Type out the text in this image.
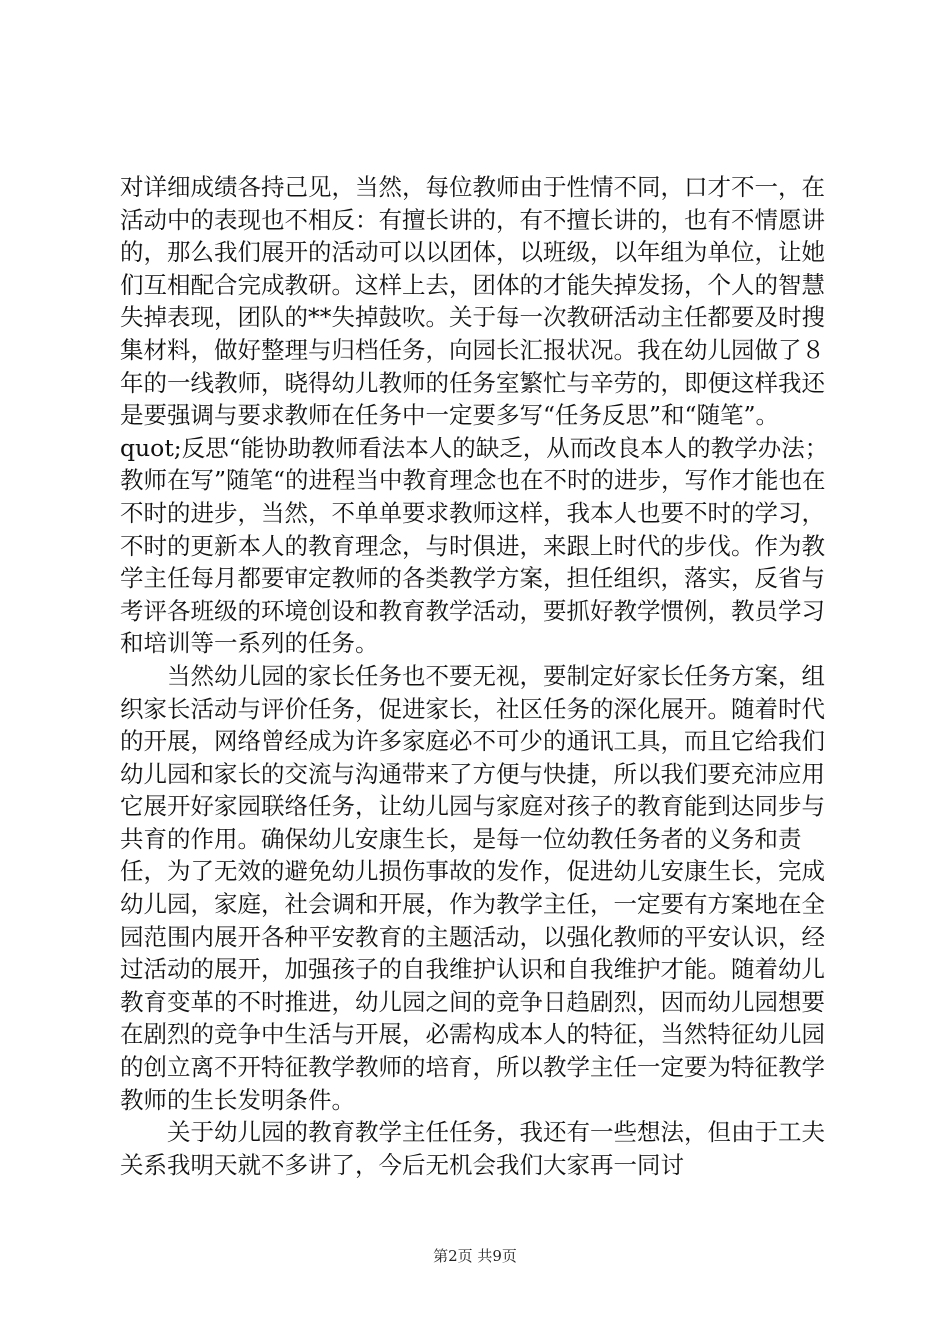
对详细成绩各持己见，当然，每位教师由于性情不同，口才不一，在活动中的表现也不相反：有擅长讲的，有不擅长讲的，也有不情愿讲的，那么我们展开的活动可以以团体，以班级，以年组为单位，让她们互相配合完成教研。这样上去，团体的才能失掉发扬，个人的智慧失掉表现，团队的**失掉鼓吹。关于每一次教研活动主任都要及时搜集材料，做好整理与归档任务，向园长汇报状况。我在幼儿园做了８年的一线教师，晓得幼儿教师的任务室繁忙与辛劳的，即便这样我还是要强调与要求教师在任务中一定要多写“任务反思”和“随笔”。quot;反思“能协助教师看法本人的缺乏，从而改良本人的教学办法；教师在写”随笔“的进程当中教育理念也在不时的进步，写作才能也在不时的进步，当然，不单单要求教师这样，我本人也要不时的学习，不时的更新本人的教育理念，与时俱进，来跟上时代的步伐。作为教学主任每月都要审定教师的各类教学方案，担任组织，落实，反省与考评各班级的环境创设和教育教学活动，要抓好教学惯例，教员学习和培训等一系列的任务。

当然幼儿园的家长任务也不要无视，要制定好家长任务方案，组织家长活动与评价任务，促进家长，社区任务的深化展开。随着时代的开展，网络曾经成为许多家庭必不可少的通讯工具，而且它给我们幼儿园和家长的交流与沟通带来了方便与快捷，所以我们要充沛应用它展开好家园联络任务，让幼儿园与家庭对孩子的教育能到达同步与共育的作用。确保幼儿安康生长，是每一位幼教任务者的义务和责任，为了无效的避免幼儿损伤事故的发作，促进幼儿安康生长，完成幼儿园，家庭，社会调和开展，作为教学主任，一定要有方案地在全园范围内展开各种平安教育的主题活动，以强化教师的平安认识，经过活动的展开，加强孩子的自我维护认识和自我维护才能。随着幼儿教育变革的不时推进，幼儿园之间的竞争日趋剧烈，因而幼儿园想要在剧烈的竞争中生活与开展，必需构成本人的特征，当然特征幼儿园的创立离不开特征教学教师的培育，所以教学主任一定要为特征教学教师的生长发明条件。

关于幼儿园的教育教学主任任务，我还有一些想法，但由于工夫关系我明天就不多讲了，今后无机会我们大家再一同讨

第2页 共9页
